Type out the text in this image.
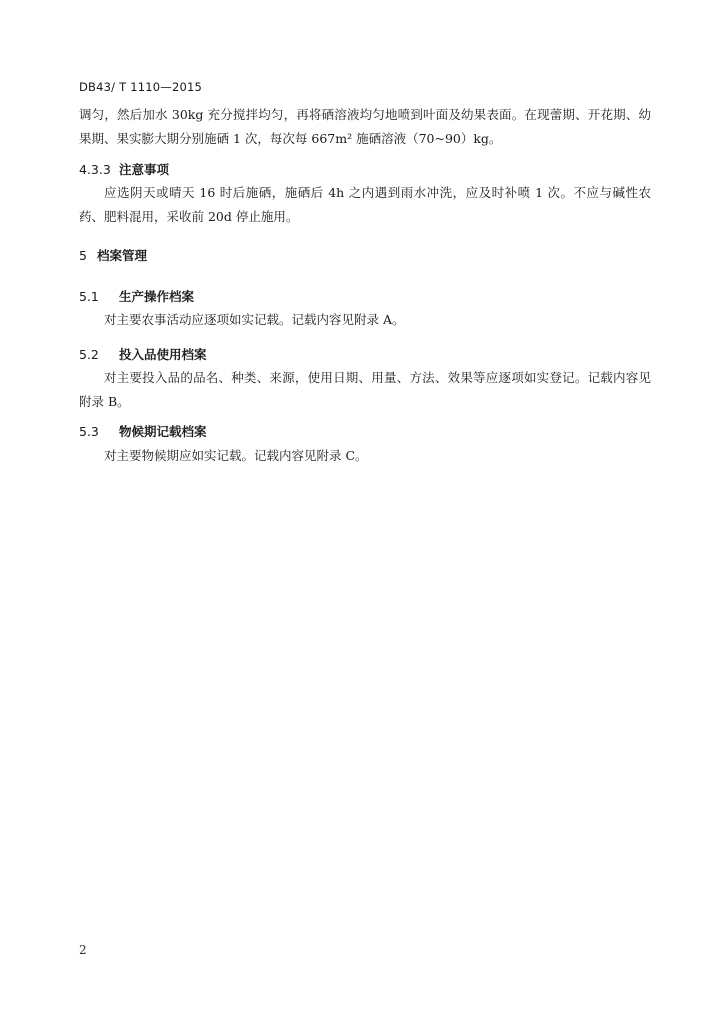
DB43/ T 1110—2015

调匀，然后加水 30kg 充分搅拌均匀，再将硒溶液均匀地喷到叶面及幼果表面。在现蕾期、开花期、幼果期、果实膨大期分别施硒 1 次，每次每 667m² 施硒溶液（70~90）kg。

4.3.3 注意事项

应选阴天或晴天 16 时后施硒，施硒后 4h 之内遇到雨水冲洗，应及时补喷 1 次。不应与碱性农药、肥料混用，采收前 20d 停止施用。

5 档案管理
5.1 生产操作档案

对主要农事活动应逐项如实记载。记载内容见附录 A。

5.2 投入品使用档案

对主要投入品的品名、种类、来源，使用日期、用量、方法、效果等应逐项如实登记。记载内容见附录 B。

5.3 物候期记载档案

对主要物候期应如实记载。记载内容见附录 C。

2
